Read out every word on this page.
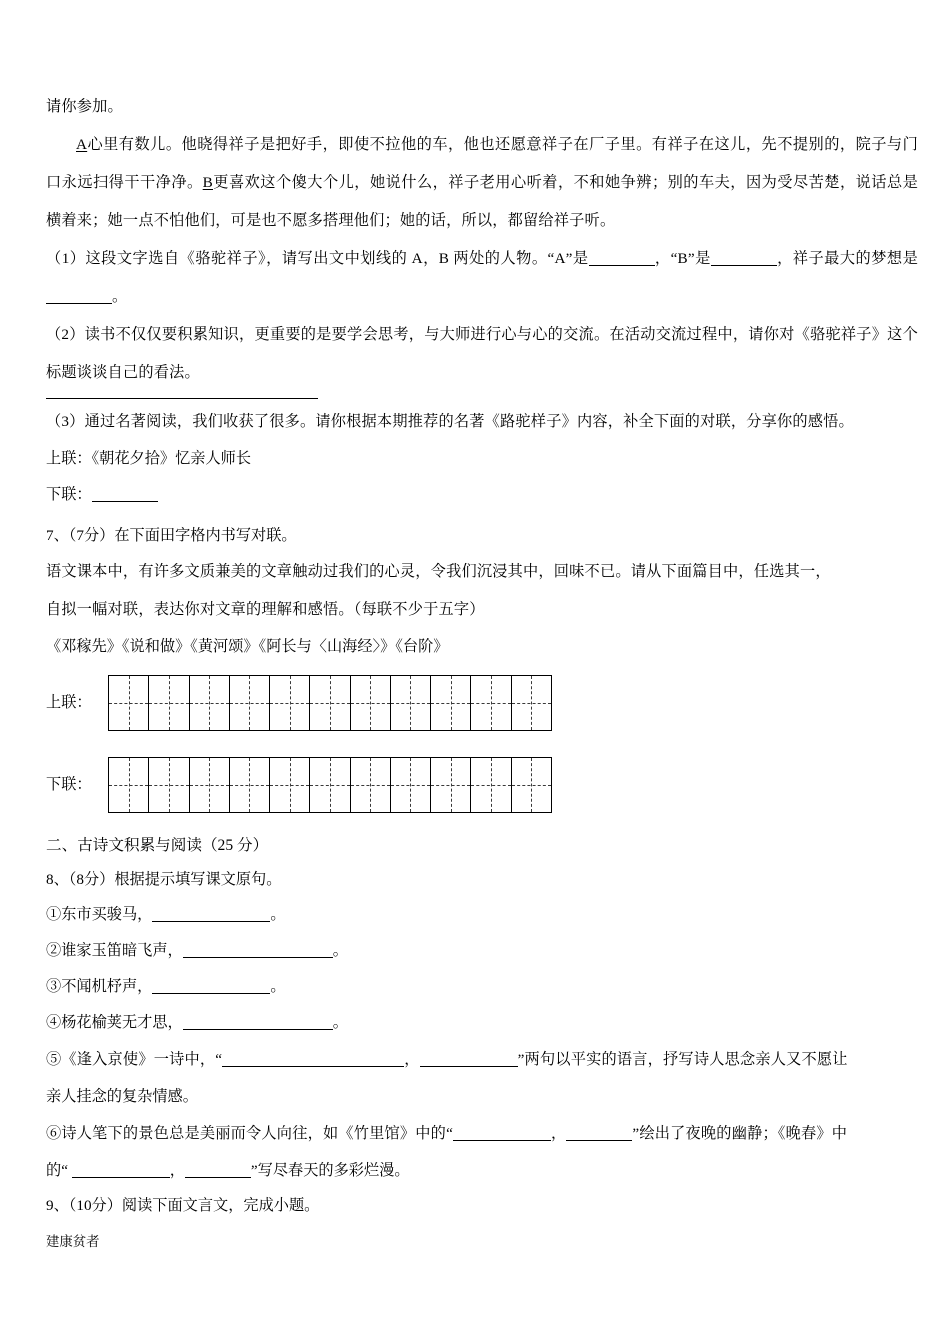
请你参加。
A心里有数儿。他晓得祥子是把好手，即使不拉他的车，他也还愿意祥子在厂子里。有祥子在这儿，先不提别的，院子与门口永远扫得干干净净。B更喜欢这个傻大个儿，她说什么，祥子老用心听着，不和她争辨；别的车夫，因为受尽苦楚，说话总是横着来；她一点不怕他们，可是也不愿多搭理他们；她的话，所以，都留给祥子听。
（1）这段文字选自《骆驼祥子》，请写出文中划线的 A，B 两处的人物。“A”是	，“B”是	，祥子最大的梦想是。
（2）读书不仅仅要积累知识，更重要的是要学会思考，与大师进行心与心的交流。在活动交流过程中，请你对《骆驼祥子》这个标题谈谈自己的看法。
（3）通过名著阅读，我们收获了很多。请你根据本期推荐的名著《路驼样子》内容，补全下面的对联，分享你的感悟。
上联：《朝花夕拾》忆亲人师长
下联：
7、（7分）在下面田字格内书写对联。
语文课本中，有许多文质兼美的文章触动过我们的心灵，令我们沉浸其中，回味不已。请从下面篇目中，任选其一，
自拟一幅对联，表达你对文章的理解和感悟。（每联不少于五字）
《邓稼先》《说和做》《黄河颂》《阿长与〈山海经〉》《台阶》
上联：
下联：
二、古诗文积累与阅读（25 分）
8、（8分）根据提示填写课文原句。
①东市买骏马，	。
②谁家玉笛暗飞声，	。
③不闻机杼声，	。
④杨花榆荚无才思，	。
⑤《逢入京使》一诗中，“	，	”两句以平实的语言，抒写诗人思念亲人又不愿让
亲人挂念的复杂情感。
⑥诗人笔下的景色总是美丽而令人向往，如《竹里馆》中的“	，	”绘出了夜晚的幽静；《晚春》中
的“	，	”写尽春天的多彩烂漫。
9、（10分）阅读下面文言文，完成小题。
建康贫者
